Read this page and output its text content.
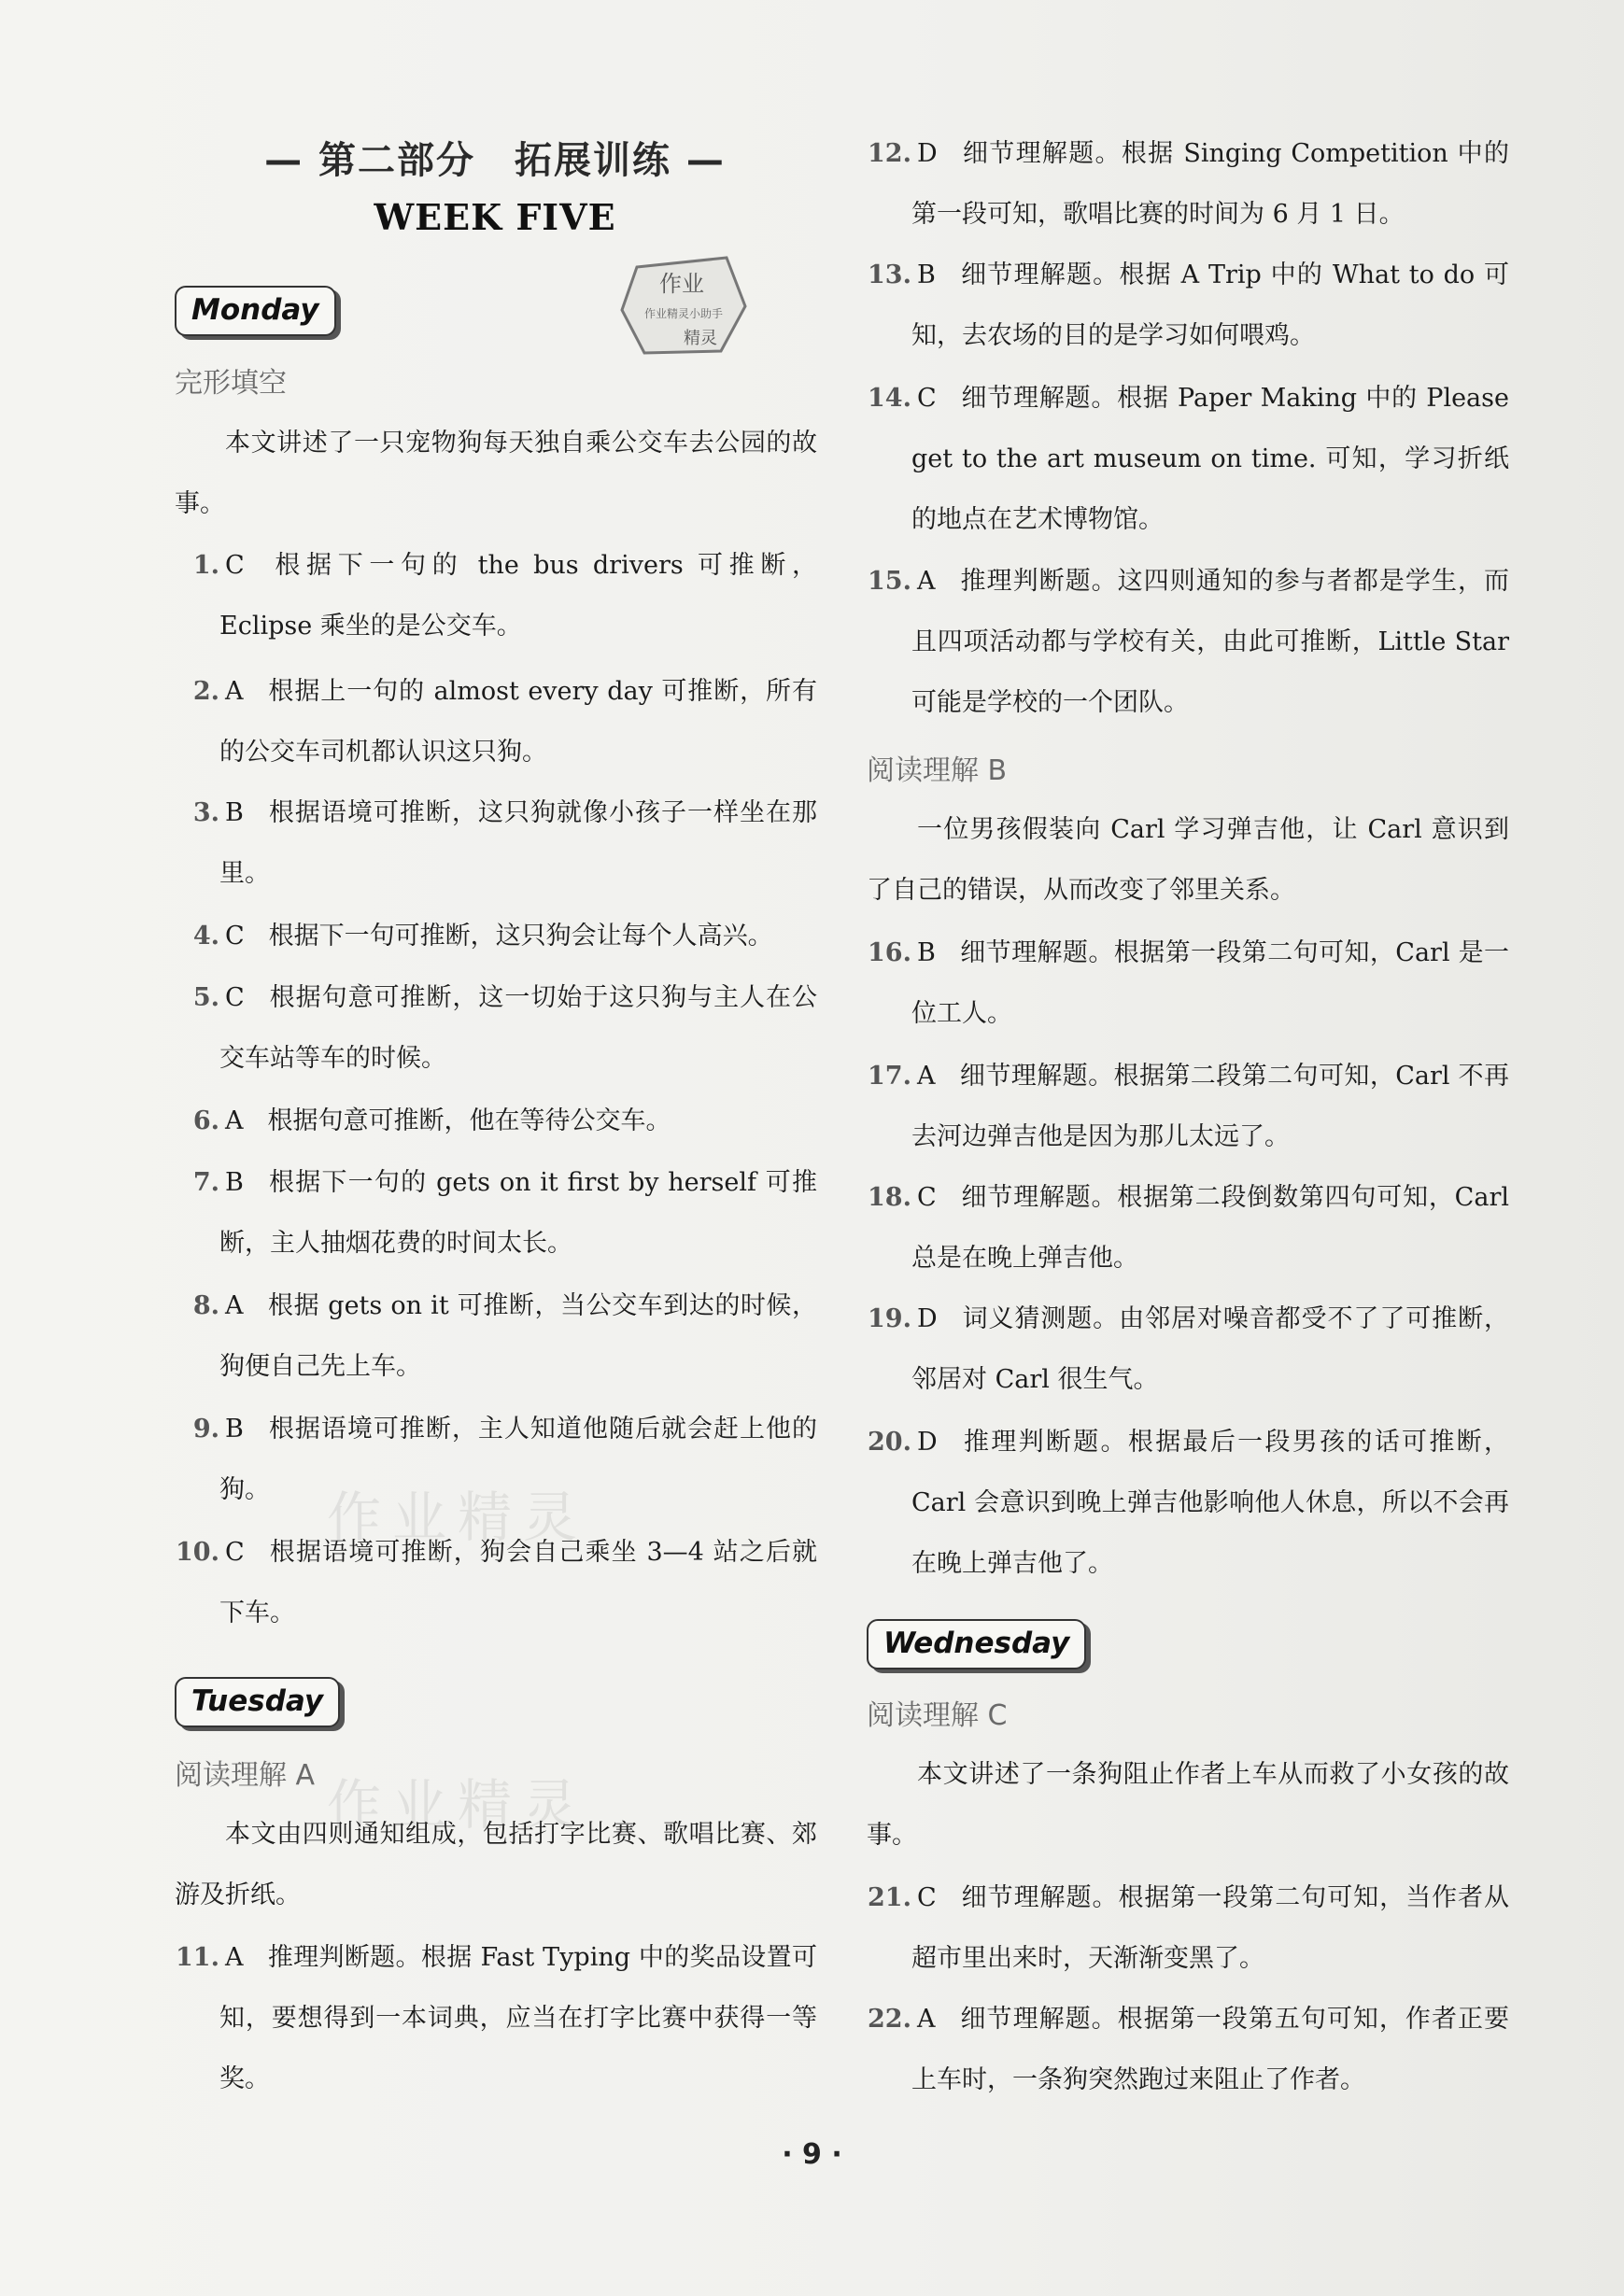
— 第二部分　拓展训练 —
WEEK FIVE
作业
作业精灵小助手
精灵
Monday
完形填空
本文讲述了一只宠物狗每天独自乘公交车去公园的故事。
1. C 根据下一句的 the bus drivers 可推断，Eclipse 乘坐的是公交车。
2. A 根据上一句的 almost every day 可推断，所有的公交车司机都认识这只狗。
3. B 根据语境可推断，这只狗就像小孩子一样坐在那里。
4. C 根据下一句可推断，这只狗会让每个人高兴。
5. C 根据句意可推断，这一切始于这只狗与主人在公交车站等车的时候。
6. A 根据句意可推断，他在等待公交车。
7. B 根据下一句的 gets on it first by herself 可推断，主人抽烟花费的时间太长。
8. A 根据 gets on it 可推断，当公交车到达的时候，狗便自己先上车。
9. B 根据语境可推断，主人知道他随后就会赶上他的狗。
10. C 根据语境可推断，狗会自己乘坐 3—4 站之后就下车。
Tuesday
阅读理解 A
本文由四则通知组成，包括打字比赛、歌唱比赛、郊游及折纸。
11. A 推理判断题。根据 Fast Typing 中的奖品设置可知，要想得到一本词典，应当在打字比赛中获得一等奖。
12. D 细节理解题。根据 Singing Competition 中的第一段可知，歌唱比赛的时间为 6 月 1 日。
13. B 细节理解题。根据 A Trip 中的 What to do 可知，去农场的目的是学习如何喂鸡。
14. C 细节理解题。根据 Paper Making 中的 Please get to the art museum on time. 可知，学习折纸的地点在艺术博物馆。
15. A 推理判断题。这四则通知的参与者都是学生，而且四项活动都与学校有关，由此可推断，Little Star 可能是学校的一个团队。
阅读理解 B
一位男孩假装向 Carl 学习弹吉他，让 Carl 意识到了自己的错误，从而改变了邻里关系。
16. B 细节理解题。根据第一段第二句可知，Carl 是一位工人。
17. A 细节理解题。根据第二段第二句可知，Carl 不再去河边弹吉他是因为那儿太远了。
18. C 细节理解题。根据第二段倒数第四句可知，Carl 总是在晚上弹吉他。
19. D 词义猜测题。由邻居对噪音都受不了了可推断，邻居对 Carl 很生气。
20. D 推理判断题。根据最后一段男孩的话可推断，Carl 会意识到晚上弹吉他影响他人休息，所以不会再在晚上弹吉他了。
Wednesday
阅读理解 C
本文讲述了一条狗阻止作者上车从而救了小女孩的故事。
21. C 细节理解题。根据第一段第二句可知，当作者从超市里出来时，天渐渐变黑了。
22. A 细节理解题。根据第一段第五句可知，作者正要上车时，一条狗突然跑过来阻止了作者。
作业精灵
作业精灵
· 9 ·
